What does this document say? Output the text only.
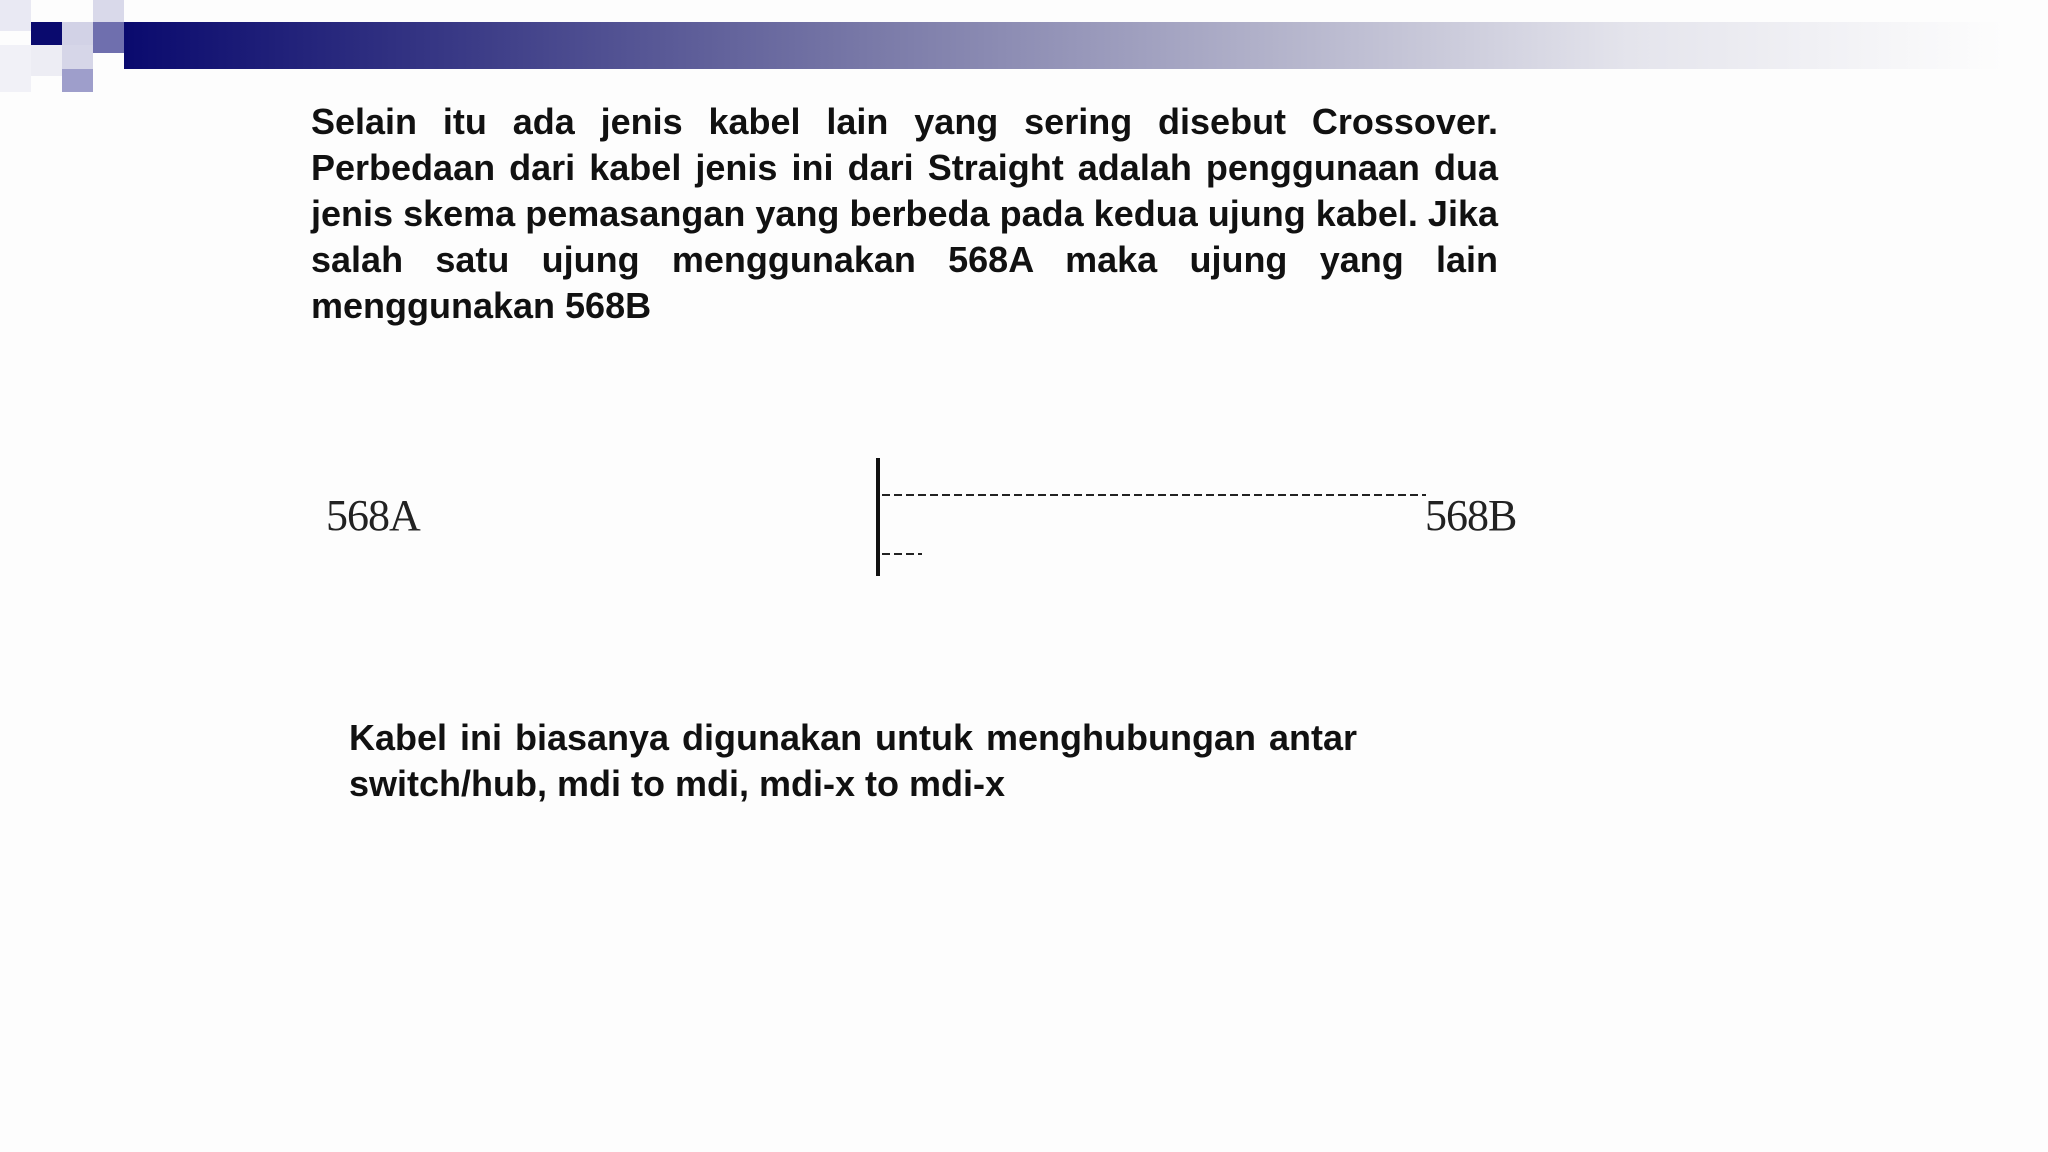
Selain itu ada jenis kabel lain yang sering disebut Crossover. Perbedaan dari kabel jenis ini dari Straight adalah penggunaan dua jenis skema pemasangan yang berbeda pada kedua ujung kabel. Jika salah satu ujung menggunakan 568A maka ujung yang lain menggunakan 568B

568A	568B

Kabel ini biasanya digunakan untuk menghubungan antar switch/hub, mdi to mdi, mdi-x to mdi-x
